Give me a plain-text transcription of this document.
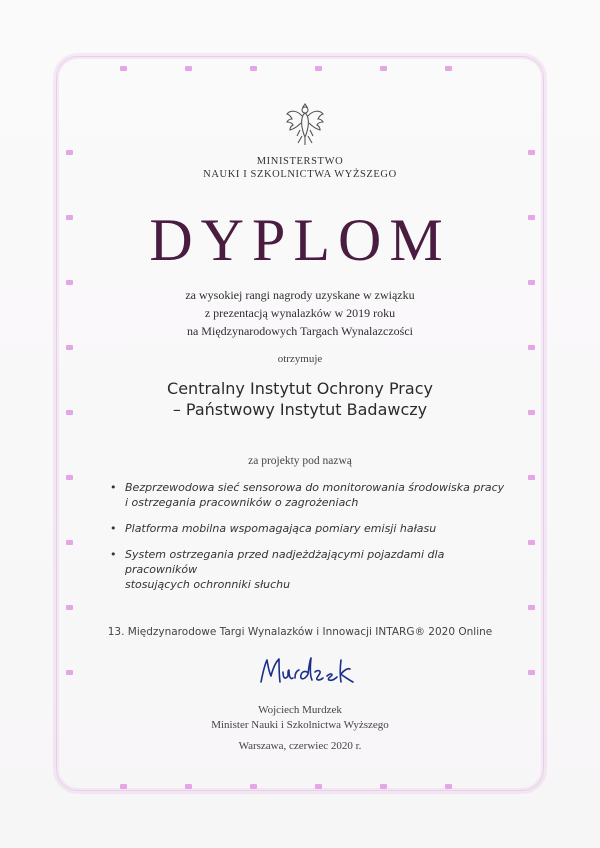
MINISTERSTWO
NAUKI I SZKOLNICTWA WYŻSZEGO
DYPLOM
za wysokiej rangi nagrody uzyskane w związku
z prezentacją wynalazków w 2019 roku
na Międzynarodowych Targach Wynalazczości
otrzymuje
Centralny Instytut Ochrony Pracy
– Państwowy Instytut Badawczy
za projekty pod nazwą
• Bezprzewodowa sieć sensorowa do monitorowania środowiska pracy
i ostrzegania pracowników o zagrożeniach
• Platforma mobilna wspomagająca pomiary emisji hałasu
• System ostrzegania przed nadjeżdżającymi pojazdami dla pracowników
stosujących ochronniki słuchu
13. Międzynarodowe Targi Wynalazków i Innowacji INTARG® 2020 Online
Wojciech Murdzek
Minister Nauki i Szkolnictwa Wyższego
Warszawa, czerwiec 2020 r.
